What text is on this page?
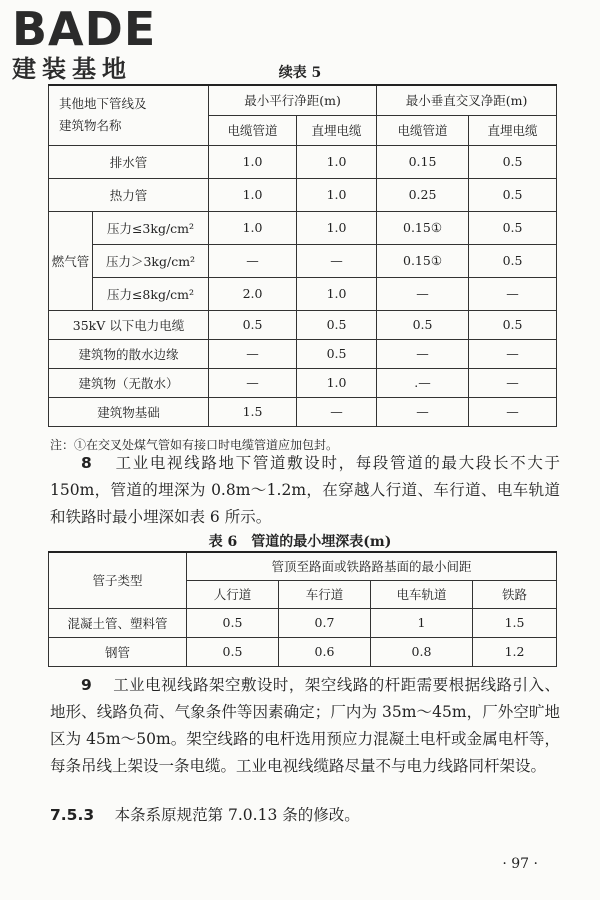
BADE
建装基地	续表 5
其他地下管线及
建筑物名称		最小平行净距(m)		最小垂直交叉净距(m)	
		电缆管道	直埋电缆	电缆管道	直埋电缆
排水管		1.0	1.0	0.15	0.5
热力管		1.0	1.0	0.25	0.5
燃气管	压力≤3kg/cm²	1.0	1.0	0.15①	0.5
	压力＞3kg/cm²	—	—	0.15①	0.5
	压力≤8kg/cm²	2.0	1.0	—	—
35kV 以下电力电缆		0.5	0.5	0.5	0.5
建筑物的散水边缘		—	0.5	—	—
建筑物（无散水）		—	1.0	.—	—
建筑物基础		1.5	—	—	—
注：①在交叉处煤气管如有接口时电缆管道应加包封。
8 　 工业电视线路地下管道敷设时，每段管道的最大段长不大于 150m，管道的埋深为 0.8m～1.2m，在穿越人行道、车行道、电车轨道和铁路时最小埋深如表 6 所示。
表 6　管道的最小埋深表(m)
管子类型	管顶至路面或铁路路基面的最小间距			
	人行道	车行道	电车轨道	铁路
混凝土管、塑料管	0.5	0.7	1	1.5
钢管	0.5	0.6	0.8	1.2
9 　 工业电视线路架空敷设时，架空线路的杆距需要根据线路引入、地形、线路负荷、气象条件等因素确定；厂内为 35m～45m，厂外空旷地区为 45m～50m。架空线路的电杆选用预应力混凝土电杆或金属电杆等，每条吊线上架设一条电缆。工业电视线缆路尽量不与电力线路同杆架设。
7.5.3 　 本条系原规范第 7.0.13 条的修改。
· 97 ·
